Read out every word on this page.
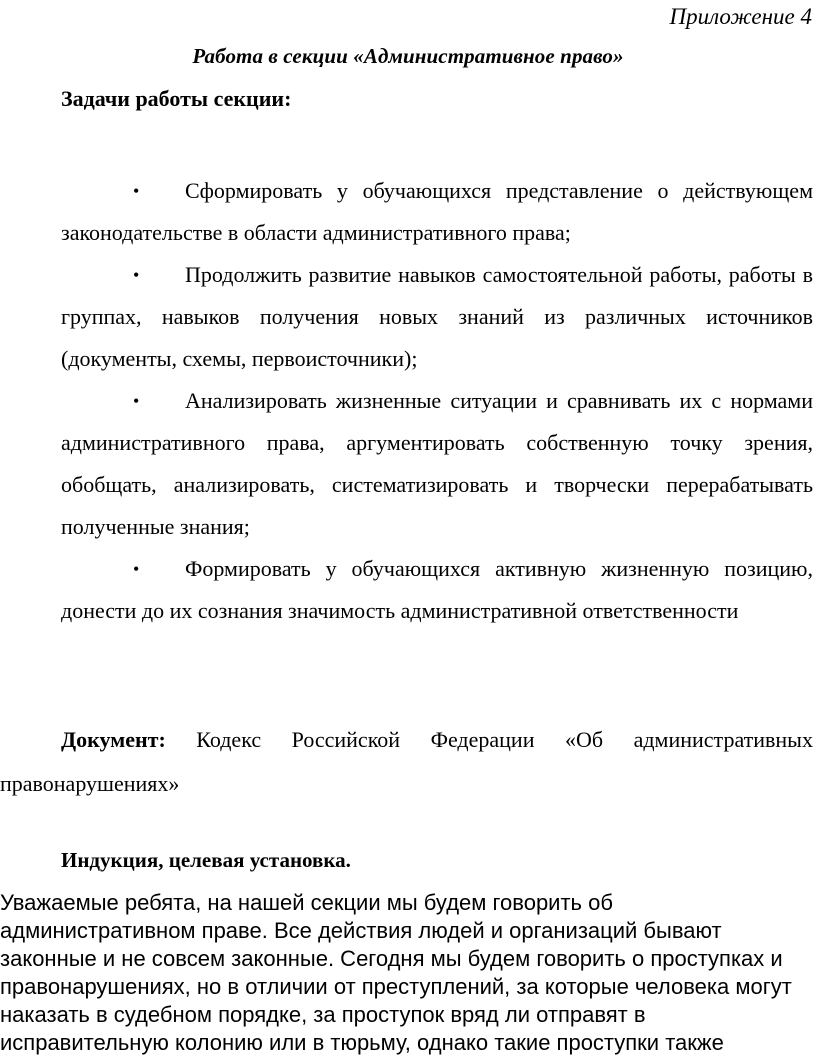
Приложение 4
Работа в секции «Административное право»
Задачи работы секции:
• Сформировать у обучающихся представление о действующем законодательстве в области административного права;
• Продолжить развитие навыков самостоятельной работы, работы в группах, навыков получения новых знаний из различных источников (документы, схемы, первоисточники);
• Анализировать жизненные ситуации и сравнивать их с нормами административного права, аргументировать собственную точку зрения, обобщать, анализировать, систематизировать и творчески перерабатывать полученные знания;
• Формировать у обучающихся активную жизненную позицию, донести до их сознания значимость административной ответственности
Документ: Кодекс Российской Федерации «Об административных
правонарушениях»
Индукция, целевая установка.
Уважаемые ребята, на нашей секции мы будем говорить об
административном праве. Все действия людей и организаций бывают
законные и не совсем законные. Сегодня мы будем говорить о проступках и
правонарушениях, но в отличии от преступлений, за которые человека могут
наказать в судебном порядке, за проступок вряд ли отправят в
исправительную колонию или в тюрьму, однако такие проступки также
